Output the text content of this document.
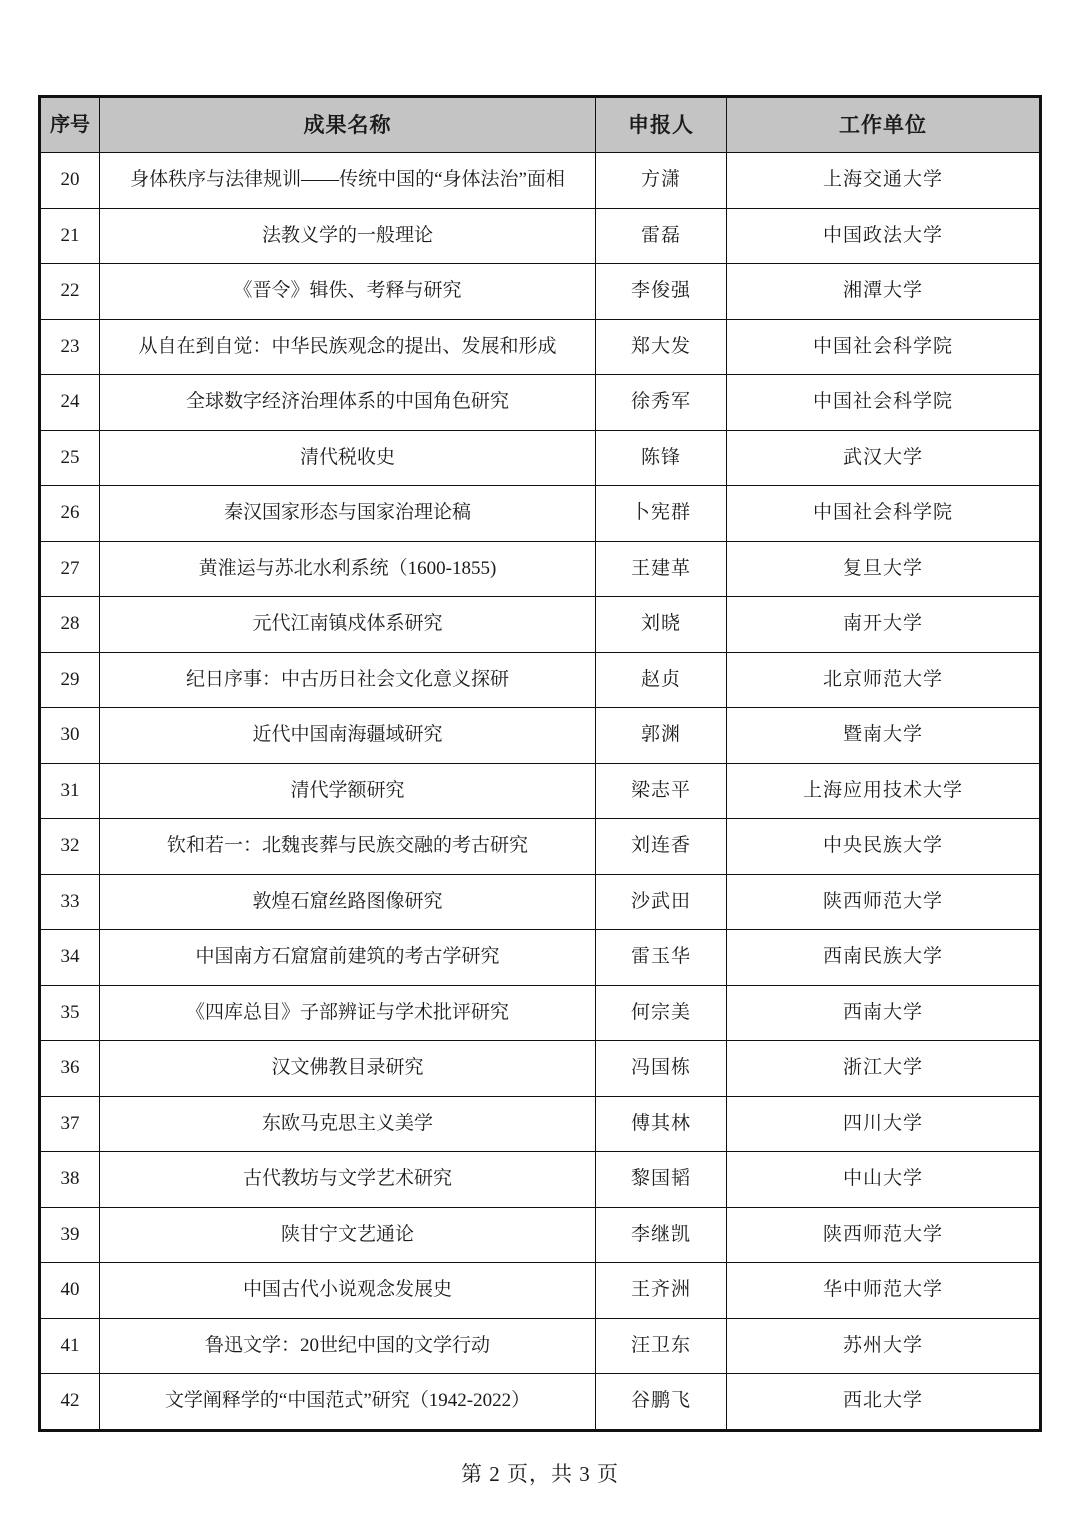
序号	成果名称	申报人	工作单位
20	身体秩序与法律规训——传统中国的“身体法治”面相	方潇	上海交通大学
21	法教义学的一般理论	雷磊	中国政法大学
22	《晋令》辑佚、考释与研究	李俊强	湘潭大学
23	从自在到自觉：中华民族观念的提出、发展和形成	郑大发	中国社会科学院
24	全球数字经济治理体系的中国角色研究	徐秀军	中国社会科学院
25	清代税收史	陈锋	武汉大学
26	秦汉国家形态与国家治理论稿	卜宪群	中国社会科学院
27	黄淮运与苏北水利系统（1600-1855)	王建革	复旦大学
28	元代江南镇戍体系研究	刘晓	南开大学
29	纪日序事：中古历日社会文化意义探研	赵贞	北京师范大学
30	近代中国南海疆域研究	郭渊	暨南大学
31	清代学额研究	梁志平	上海应用技术大学
32	钦和若一：北魏丧葬与民族交融的考古研究	刘连香	中央民族大学
33	敦煌石窟丝路图像研究	沙武田	陕西师范大学
34	中国南方石窟窟前建筑的考古学研究	雷玉华	西南民族大学
35	《四库总目》子部辨证与学术批评研究	何宗美	西南大学
36	汉文佛教目录研究	冯国栋	浙江大学
37	东欧马克思主义美学	傅其林	四川大学
38	古代教坊与文学艺术研究	黎国韬	中山大学
39	陕甘宁文艺通论	李继凯	陕西师范大学
40	中国古代小说观念发展史	王齐洲	华中师范大学
41	鲁迅文学：20世纪中国的文学行动	汪卫东	苏州大学
42	文学阐释学的“中国范式”研究（1942-2022）	谷鹏飞	西北大学
第 2 页，共 3 页
